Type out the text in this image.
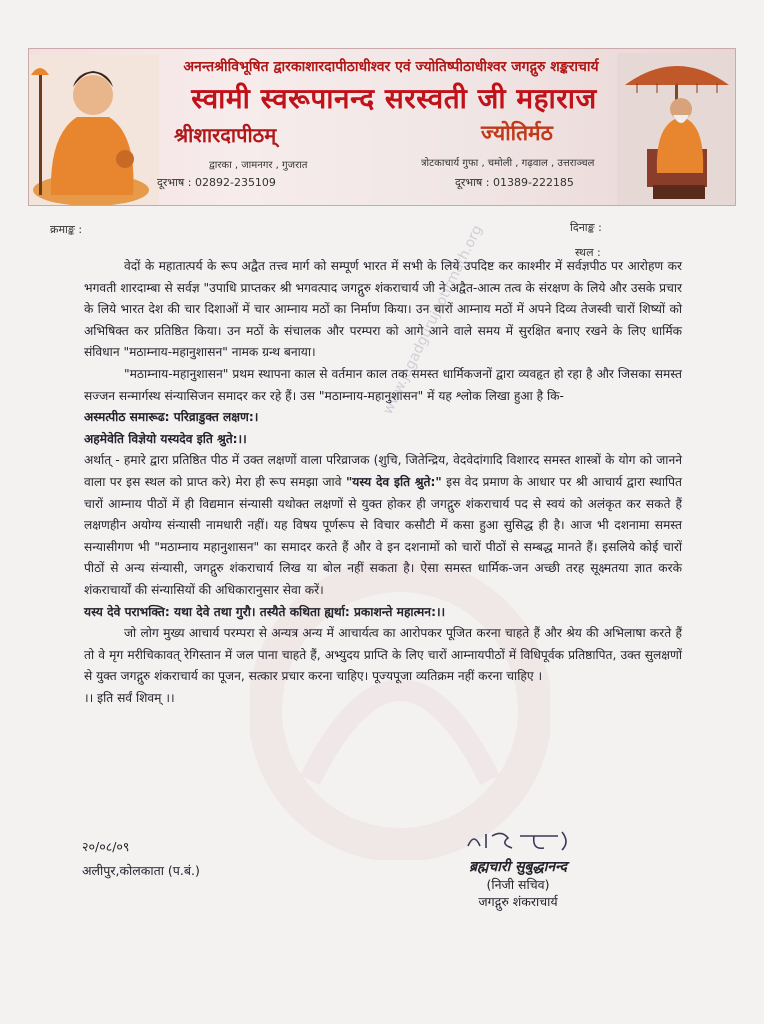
www.jagadgurujyotirmath.org
अनन्तश्रीविभूषित द्वारकाशारदापीठाधीश्वर एवं ज्योतिष्पीठाधीश्वर जगद्गुरु शङ्कराचार्य
स्वामी स्वरूपानन्द सरस्वती जी महाराज
श्रीशारदापीठम्
द्वारका , जामनगर , गुजरात
दूरभाष : 02892-235109
ज्योतिर्मठ
त्रोटकाचार्य गुफा , चमोली , गढ़वाल , उत्तराञ्चल
दूरभाष : 01389-222185
क्रमाङ्क :	दिनाङ्क :
स्थल :

वेदों के महातात्पर्य के रूप अद्वैत तत्त्व मार्ग को सम्पूर्ण भारत में सभी के लिये उपदिष्ट कर काश्मीर में सर्वज्ञपीठ पर आरोहण कर भगवती शारदाम्बा से सर्वज्ञ "उपाधि प्राप्तकर श्री भगवत्पाद जगद्गुरु शंकराचार्य जी ने अद्वैत-आत्म तत्व के संरक्षण के लिये और उसके प्रचार के लिये भारत देश की चार दिशाओं में चार आम्नाय मठों का निर्माण किया। उन चारों आम्नाय मठों में अपने दिव्य तेजस्वी चारों शिष्यों को अभिषिक्त कर प्रतिष्ठित किया। उन मठों के संचालक और परम्परा को आगे आने वाले समय में सुरक्षित बनाए रखने के लिए धार्मिक संविधान "मठाम्नाय-महानुशासन" नामक ग्रन्थ बनाया।

"मठाम्नाय-महानुशासन" प्रथम स्थापना काल से वर्तमान काल तक समस्त धार्मिकजनों द्वारा व्यवहृत हो रहा है और जिसका समस्त सज्जन सन्मार्गस्थ संन्यासिजन समादर कर रहे हैं। उस "मठाम्नाय-महानुशासन" में यह श्लोक लिखा हुआ है कि-

अस्मत्पीठ समारूढ: परिव्राडुक्त लक्षण:।

अहमेवेति विज्ञेयो यस्यदेव इति श्रुते:।।

अर्थात् - हमारे द्वारा प्रतिष्ठित पीठ में उक्त लक्षणों वाला परिव्राजक (शुचि, जितेन्द्रिय, वेदवेदांगादि विशारद समस्त शास्त्रों के योग को जानने वाला पर इस स्थल को प्राप्त करे) मेरा ही रूप समझा जावे "यस्य देव इति श्रुते:" इस वेद प्रमाण के आधार पर श्री आचार्य द्वारा स्थापित चारों आम्नाय पीठों में ही विद्यमान संन्यासी यथोक्त लक्षणों से युक्त होकर ही जगद्गुरु शंकराचार्य पद से स्वयं को अलंकृत कर सकते हैं लक्षणहीन अयोग्य संन्यासी नामधारी नहीं। यह विषय पूर्णरूप से विचार कसौटी में कसा हुआ सुसिद्ध ही है। आज भी दशनामा समस्त सन्यासीगण भी "मठाम्नाय महानुशासन" का समादर करते हैं और वे इन दशनामों को चारों पीठों से सम्बद्ध मानते हैं। इसलिये कोई चारों पीठों से अन्य संन्यासी, जगद्गुरु शंकराचार्य लिख या बोल नहीं सकता है। ऐसा समस्त धार्मिक-जन अच्छी तरह सूक्ष्मतया ज्ञात करके शंकराचार्यों की संन्यासियों की अधिकारानुसार सेवा करें।

यस्य देवे पराभक्ति: यथा देवे तथा गुरौ। तस्यैते कथिता ह्यर्था: प्रकाशन्ते महात्मन:।।

जो लोग मुख्य आचार्य परम्परा से अन्यत्र अन्य में आचार्यत्व का आरोपकर पूजित करना चाहते हैं और श्रेय की अभिलाषा करते हैं तो वे मृग मरीचिकावत् रेगिस्तान में जल पाना चाहते हैं, अभ्युदय प्राप्ति के लिए चारों आम्नायपीठों में विधिपूर्वक प्रतिष्ठापित, उक्त सुलक्षणों से युक्त जगद्गुरु शंकराचार्य का पूजन, सत्कार प्रचार करना चाहिए। पूज्यपूजा व्यतिक्रम नहीं करना चाहिए ।

।। इति सर्वं शिवम् ।।

२०/०८/०९
अलीपुर,कोलकाता (प.बं.)	ब्रह्मचारी सुबुद्धानन्द
(निजी सचिव)
जगद्गुरु शंकराचार्य
